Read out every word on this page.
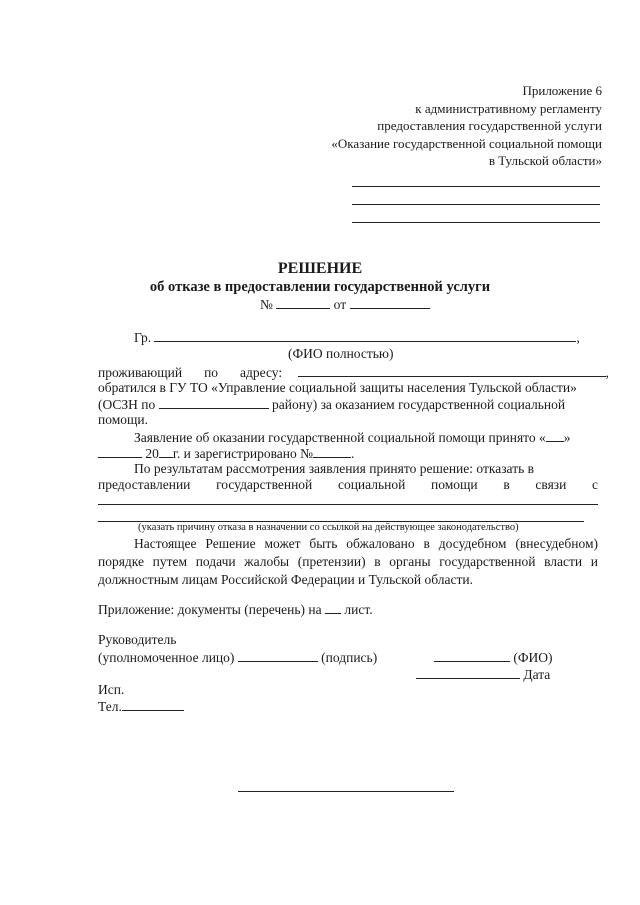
Приложение 6
к административному регламенту
предоставления государственной услуги
«Оказание государственной социальной помощи
в Тульской области»
РЕШЕНИЕ
об отказе в предоставлении государственной услуги
№	от
Гр.	,
(ФИО полностью)
проживающий по адресу:	,
обратился в ГУ ТО «Управление социальной защиты населения Тульской области»
(ОСЗН по	району) за оказанием государственной социальной
помощи.
Заявление об оказании государственной социальной помощи принято « »
20 г. и зарегистрировано №	.
По результатам рассмотрения заявления принято решение: отказать в
предоставлении государственной социальной помощи в связи с
(указать причину отказа в назначении со ссылкой на действующее законодательство)
Настоящее Решение может быть обжаловано в досудебном (внесудебном) порядке путем подачи жалобы (претензии) в органы государственной власти и должностным лицам Российской Федерации и Тульской области.
Приложение: документы (перечень) на лист.
Руководитель
(уполномоченное лицо)	(подпись)	(ФИО)
Дата
Исп.
Тел.
